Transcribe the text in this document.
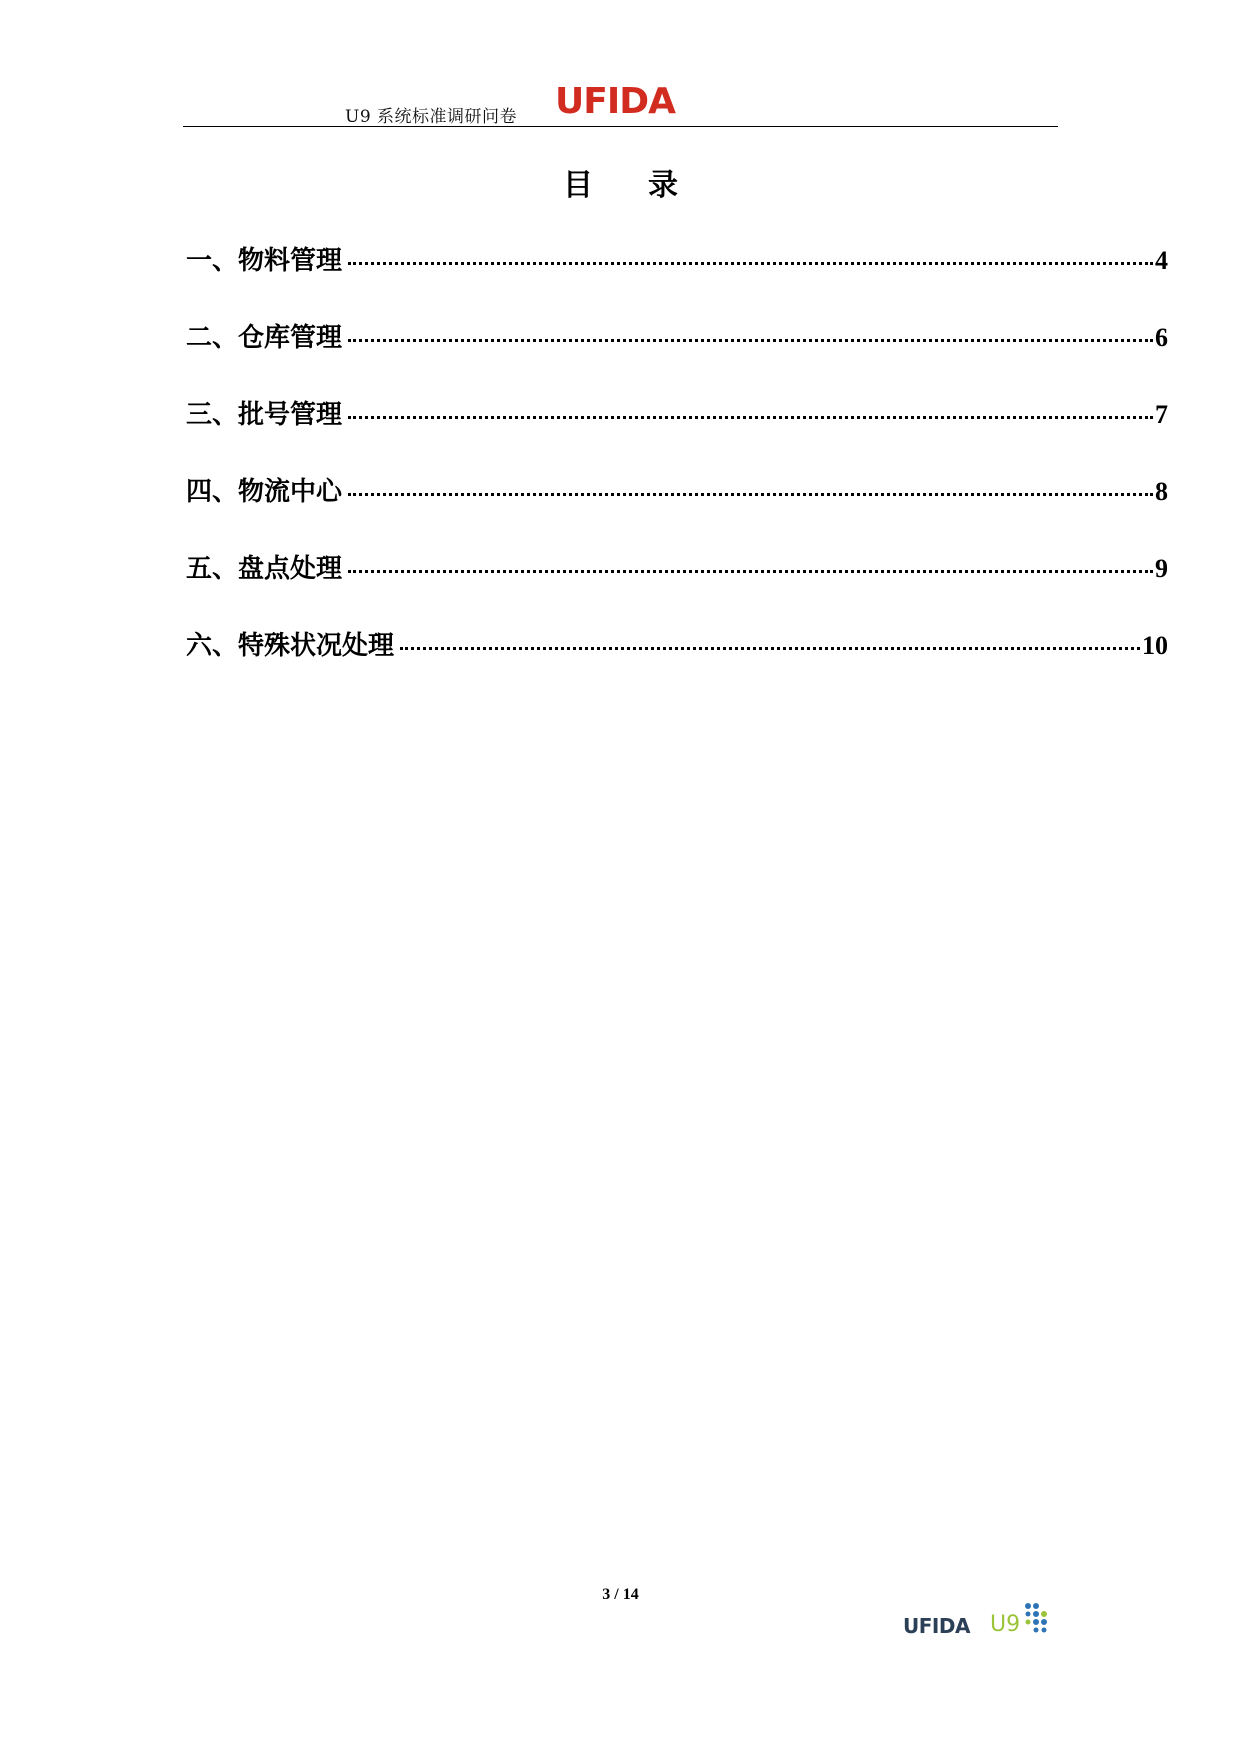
U9 系统标准调研问卷 UFIDA
目 录
一、物料管理	4
二、仓库管理	6
三、批号管理	7
四、物流中心	8
五、盘点处理	9
六、特殊状况处理	10
3 / 14
UFIDA U9
